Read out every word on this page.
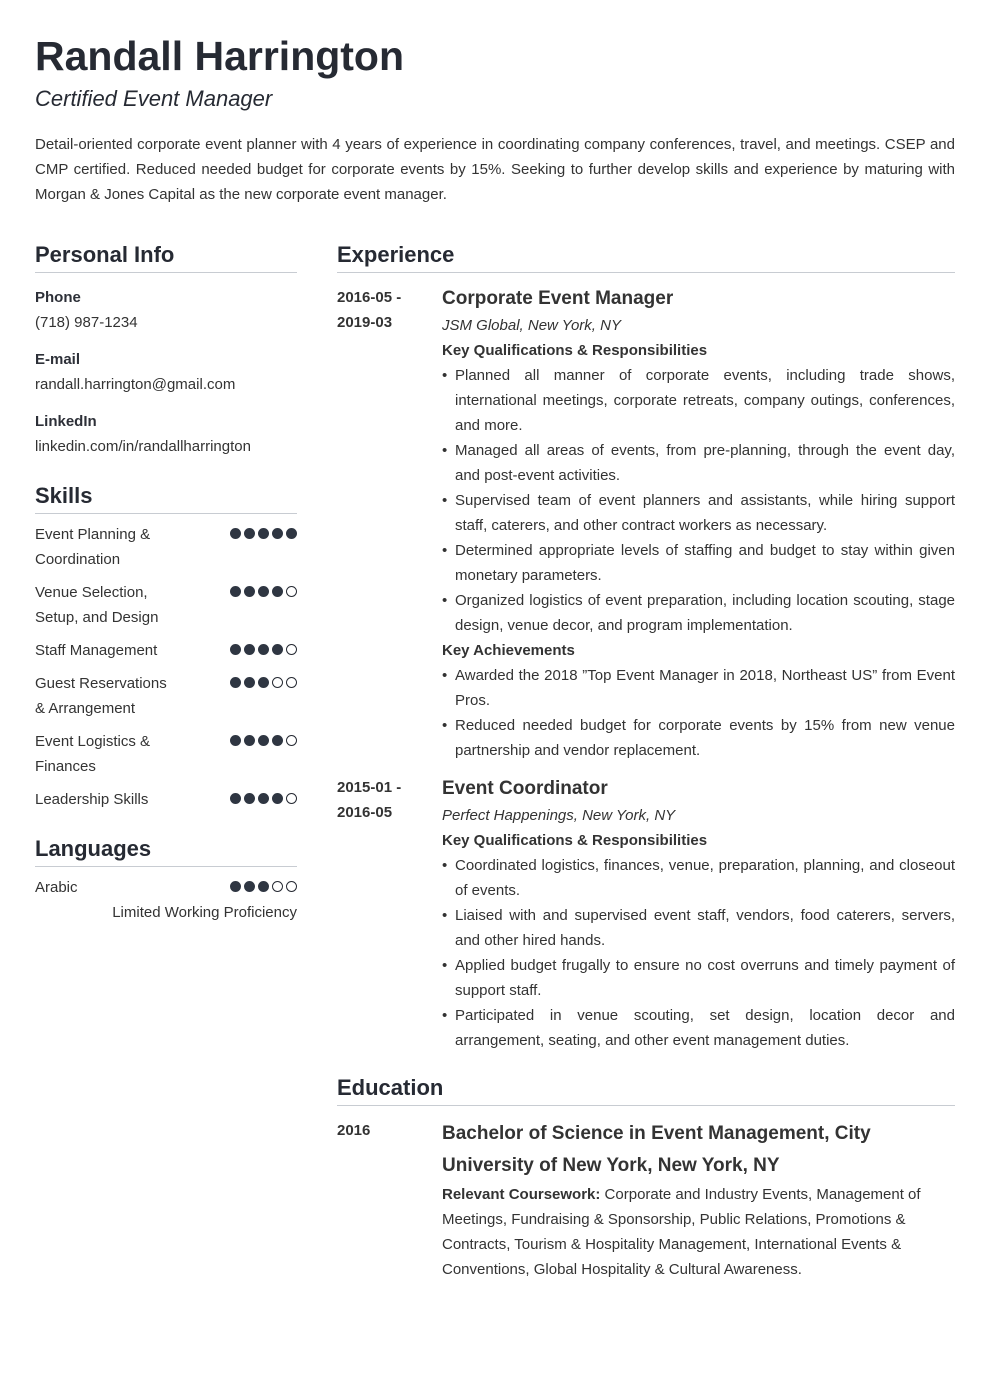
Randall Harrington
Certified Event Manager
Detail-oriented corporate event planner with 4 years of experience in coordinating company conferences, travel, and meetings. CSEP and CMP certified. Reduced needed budget for corporate events by 15%. Seeking to further develop skills and experience by maturing with Morgan & Jones Capital as the new corporate event manager.
Personal Info
Phone
(718) 987-1234
E-mail
randall.harrington@gmail.com
LinkedIn
linkedin.com/in/randallharrington
Skills
Event Planning & Coordination
Venue Selection, Setup, and Design
Staff Management
Guest Reservations & Arrangement
Event Logistics & Finances
Leadership Skills
Languages
Arabic
Limited Working Proficiency
Experience
2016-05 - 2019-03
Corporate Event Manager
JSM Global, New York, NY
Key Qualifications & Responsibilities
• Planned all manner of corporate events, including trade shows, international meetings, corporate retreats, company outings, conferences, and more.
• Managed all areas of events, from pre-planning, through the event day, and post-event activities.
• Supervised team of event planners and assistants, while hiring support staff, caterers, and other contract workers as necessary.
• Determined appropriate levels of staffing and budget to stay within given monetary parameters.
• Organized logistics of event preparation, including location scouting, stage design, venue decor, and program implementation.
Key Achievements
• Awarded the 2018 ”Top Event Manager in 2018, Northeast US” from Event Pros.
• Reduced needed budget for corporate events by 15% from new venue partnership and vendor replacement.
2015-01 - 2016-05
Event Coordinator
Perfect Happenings, New York, NY
Key Qualifications & Responsibilities
• Coordinated logistics, finances, venue, preparation, planning, and closeout of events.
• Liaised with and supervised event staff, vendors, food caterers, servers, and other hired hands.
• Applied budget frugally to ensure no cost overruns and timely payment of support staff.
• Participated in venue scouting, set design, location decor and arrangement, seating, and other event management duties.
Education
2016	Bachelor of Science in Event Management, City University of New York, New York, NY
Relevant Coursework: Corporate and Industry Events, Management of Meetings, Fundraising & Sponsorship, Public Relations, Promotions & Contracts, Tourism & Hospitality Management, International Events & Conventions, Global Hospitality & Cultural Awareness.
